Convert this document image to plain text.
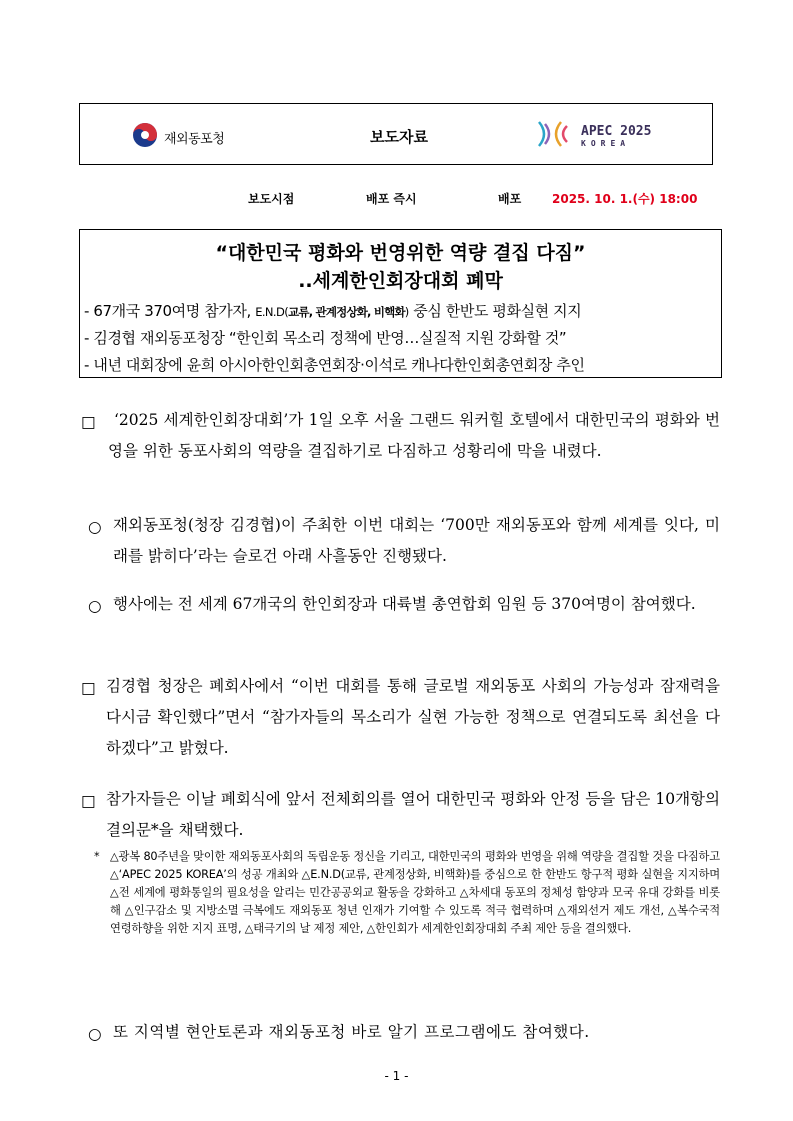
재외동포청	보도자료	APEC 2025
KOREA
보도시점	배포 즉시	배포	2025. 10. 1.(수) 18:00
“대한민국 평화와 번영위한 역량 결집 다짐”
..세계한인회장대회 폐막
- 67개국 370여명 참가자, E.N.D(교류, 관계정상화, 비핵화) 중심 한반도 평화실현 지지
- 김경협 재외동포청장 “한인회 목소리 정책에 반영…실질적 지원 강화할 것”
- 내년 대회장에 윤희 아시아한인회총연회장·이석로 캐나다한인회총연회장 추인
□	‘2025 세계한인회장대회’가 1일 오후 서울 그랜드 워커힐 호텔에서 대한민국의 평화와 번영을 위한 동포사회의 역량을 결집하기로 다짐하고 성황리에 막을 내렸다.
○ 재외동포청(청장 김경협)이 주최한 이번 대회는 ‘700만 재외동포와 함께 세계를 잇다, 미래를 밝히다’라는 슬로건 아래 사흘동안 진행됐다.
○ 행사에는 전 세계 67개국의 한인회장과 대륙별 총연합회 임원 등 370여명이 참여했다.
□ 김경협 청장은 폐회사에서 “이번 대회를 통해 글로벌 재외동포 사회의 가능성과 잠재력을 다시금 확인했다”면서 “참가자들의 목소리가 실현 가능한 정책으로 연결되도록 최선을 다하겠다”고 밝혔다.
□ 참가자들은 이날 폐회식에 앞서 전체회의를 열어 대한민국 평화와 안정 등을 담은 10개항의 결의문*을 채택했다.
* △광복 80주년을 맞이한 재외동포사회의 독립운동 정신을 기리고, 대한민국의 평화와 번영을 위해 역량을 결집할 것을 다짐하고 △‘APEC 2025 KOREA’의 성공 개최와 △E.N.D(교류, 관계정상화, 비핵화)를 중심으로 한 한반도 항구적 평화 실현을 지지하며 △전 세계에 평화통일의 필요성을 알리는 민간공공외교 활동을 강화하고 △차세대 동포의 정체성 함양과 모국 유대 강화를 비롯해 △인구감소 및 지방소멸 극복에도 재외동포 청년 인재가 기여할 수 있도록 적극 협력하며 △재외선거 제도 개선, △복수국적 연령하향을 위한 지지 표명, △태극기의 날 제정 제안, △한인회가 세계한인회장대회 주최 제안 등을 결의했다.
○ 또 지역별 현안토론과 재외동포청 바로 알기 프로그램에도 참여했다.
- 1 -
